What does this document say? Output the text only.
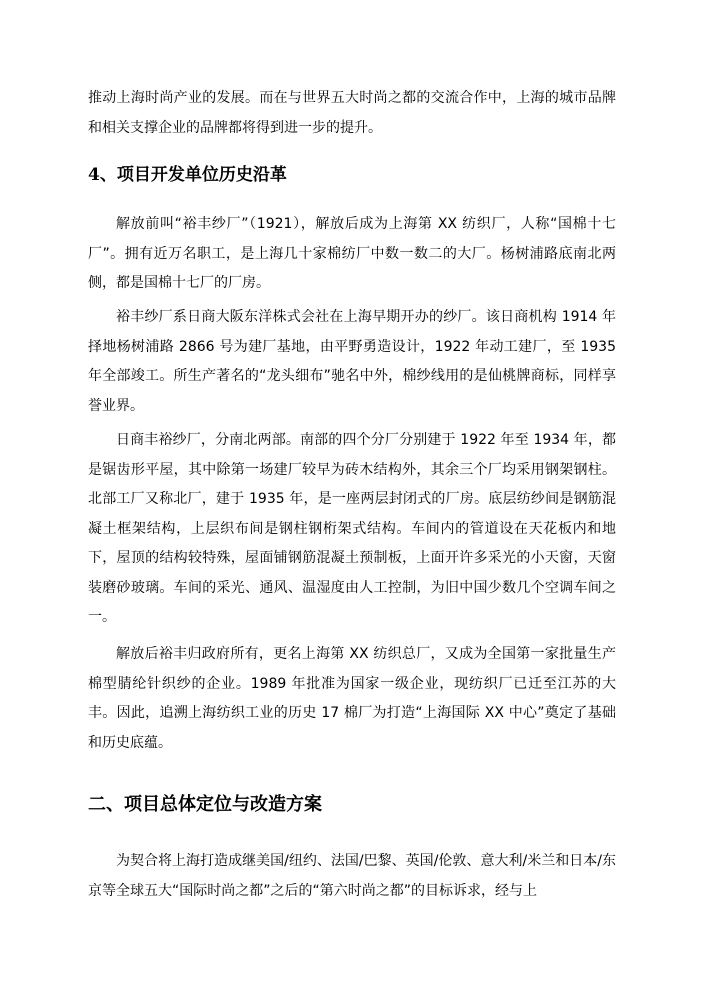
推动上海时尚产业的发展。而在与世界五大时尚之都的交流合作中，上海的城市品牌和相关支撑企业的品牌都将得到进一步的提升。

4、项目开发单位历史沿革

解放前叫“裕丰纱厂”（1921），解放后成为上海第 XX 纺织厂，人称“国棉十七厂”。拥有近万名职工，是上海几十家棉纺厂中数一数二的大厂。杨树浦路底南北两侧，都是国棉十七厂的厂房。

裕丰纱厂系日商大阪东洋株式会社在上海早期开办的纱厂。该日商机构 1914 年择地杨树浦路 2866 号为建厂基地，由平野勇造设计，1922 年动工建厂，至 1935 年全部竣工。所生产著名的“龙头细布”驰名中外，棉纱线用的是仙桃牌商标，同样享誉业界。

日商丰裕纱厂，分南北两部。南部的四个分厂分别建于 1922 年至 1934 年，都是锯齿形平屋，其中除第一场建厂较早为砖木结构外，其余三个厂均采用钢架钢柱。北部工厂又称北厂，建于 1935 年，是一座两层封闭式的厂房。底层纺纱间是钢筋混凝土框架结构，上层织布间是钢柱钢桁架式结构。车间内的管道设在天花板内和地下，屋顶的结构较特殊，屋面铺钢筋混凝土预制板，上面开许多采光的小天窗，天窗装磨砂玻璃。车间的采光、通风、温湿度由人工控制，为旧中国少数几个空调车间之一。

解放后裕丰归政府所有，更名上海第 XX 纺织总厂，又成为全国第一家批量生产棉型腈纶针织纱的企业。1989 年批准为国家一级企业，现纺织厂已迁至江苏的大丰。因此，追溯上海纺织工业的历史 17 棉厂为打造“上海国际 XX 中心”奠定了基础和历史底蕴。

二、项目总体定位与改造方案

为契合将上海打造成继美国/纽约、法国/巴黎、英国/伦敦、意大利/米兰和日本/东京等全球五大“国际时尚之都”之后的“第六时尚之都”的目标诉求，经与上
